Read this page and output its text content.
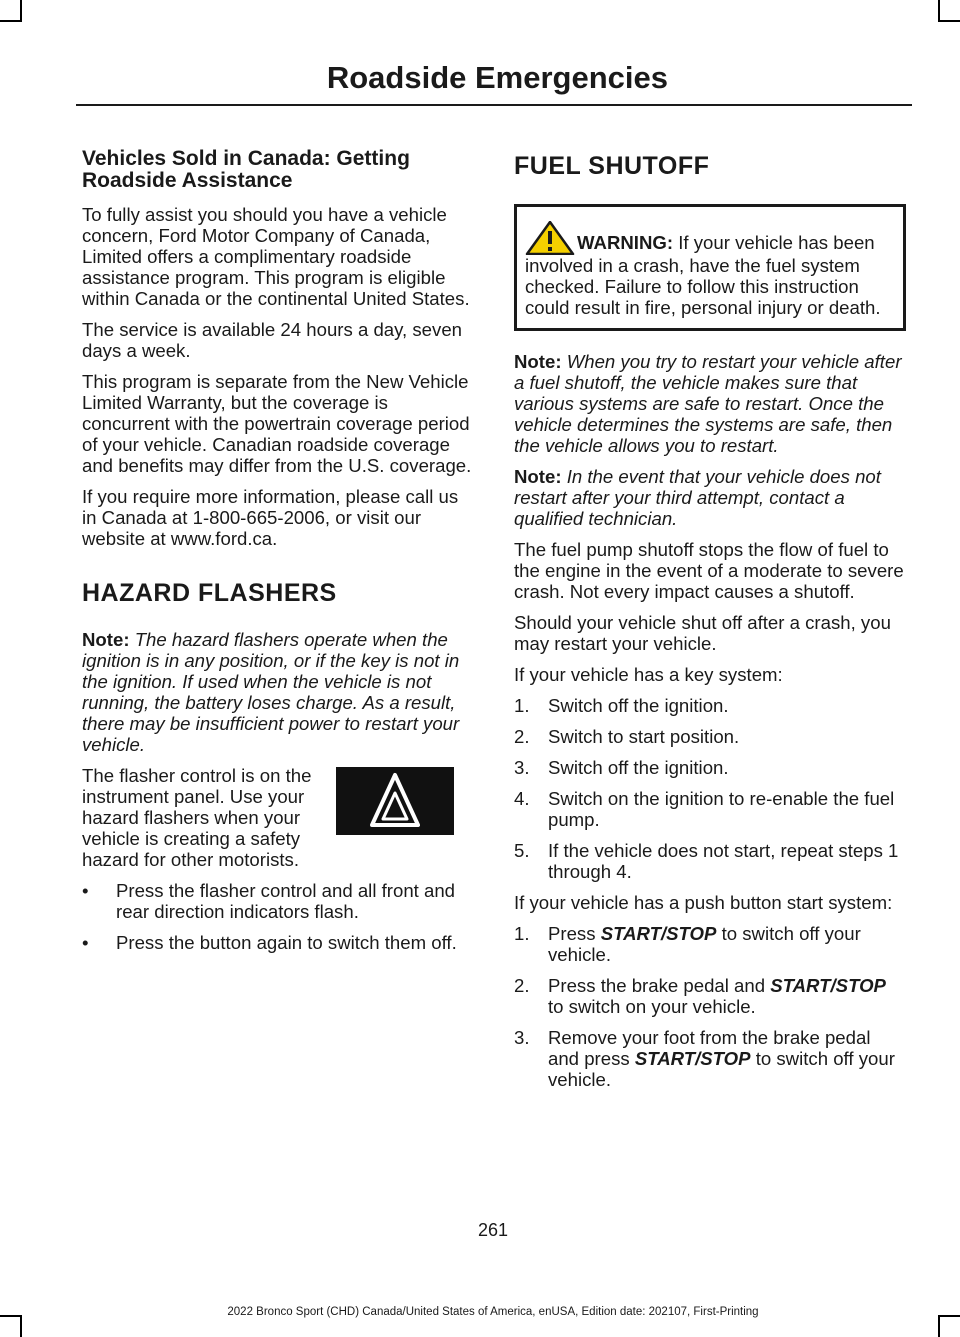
Roadside Emergencies
Vehicles Sold in Canada: Getting Roadside Assistance

To fully assist you should you have a vehicle concern, Ford Motor Company of Canada, Limited offers a complimentary roadside assistance program. This program is eligible within Canada or the continental United States.

The service is available 24 hours a day, seven days a week.

This program is separate from the New Vehicle Limited Warranty, but the coverage is concurrent with the powertrain coverage period of your vehicle. Canadian roadside coverage and benefits may differ from the U.S. coverage.

If you require more information, please call us in Canada at 1-800-665-2006, or visit our website at www.ford.ca.

HAZARD FLASHERS

Note: The hazard flashers operate when the ignition is in any position, or if the key is not in the ignition. If used when the vehicle is not running, the battery loses charge. As a result, there may be insufficient power to restart your vehicle.

The flasher control is on the instrument panel. Use your hazard flashers when your vehicle is creating a safety hazard for other motorists.

• Press the flasher control and all front and rear direction indicators flash.
• Press the button again to switch them off.
FUEL SHUTOFF
WARNING: If your vehicle has been involved in a crash, have the fuel system checked. Failure to follow this instruction could result in fire, personal injury or death.

Note: When you try to restart your vehicle after a fuel shutoff, the vehicle makes sure that various systems are safe to restart. Once the vehicle determines the systems are safe, then the vehicle allows you to restart.

Note: In the event that your vehicle does not restart after your third attempt, contact a qualified technician.

The fuel pump shutoff stops the flow of fuel to the engine in the event of a moderate to severe crash. Not every impact causes a shutoff.

Should your vehicle shut off after a crash, you may restart your vehicle.

If your vehicle has a key system:

1. Switch off the ignition.
2. Switch to start position.
3. Switch off the ignition.
4. Switch on the ignition to re-enable the fuel pump.
5. If the vehicle does not start, repeat steps 1 through 4.

If your vehicle has a push button start system:

1. Press START/STOP to switch off your vehicle.
2. Press the brake pedal and START/STOP to switch on your vehicle.
3. Remove your foot from the brake pedal and press START/STOP to switch off your vehicle.
261
2022 Bronco Sport (CHD) Canada/United States of America, enUSA, Edition date: 202107, First-Printing
